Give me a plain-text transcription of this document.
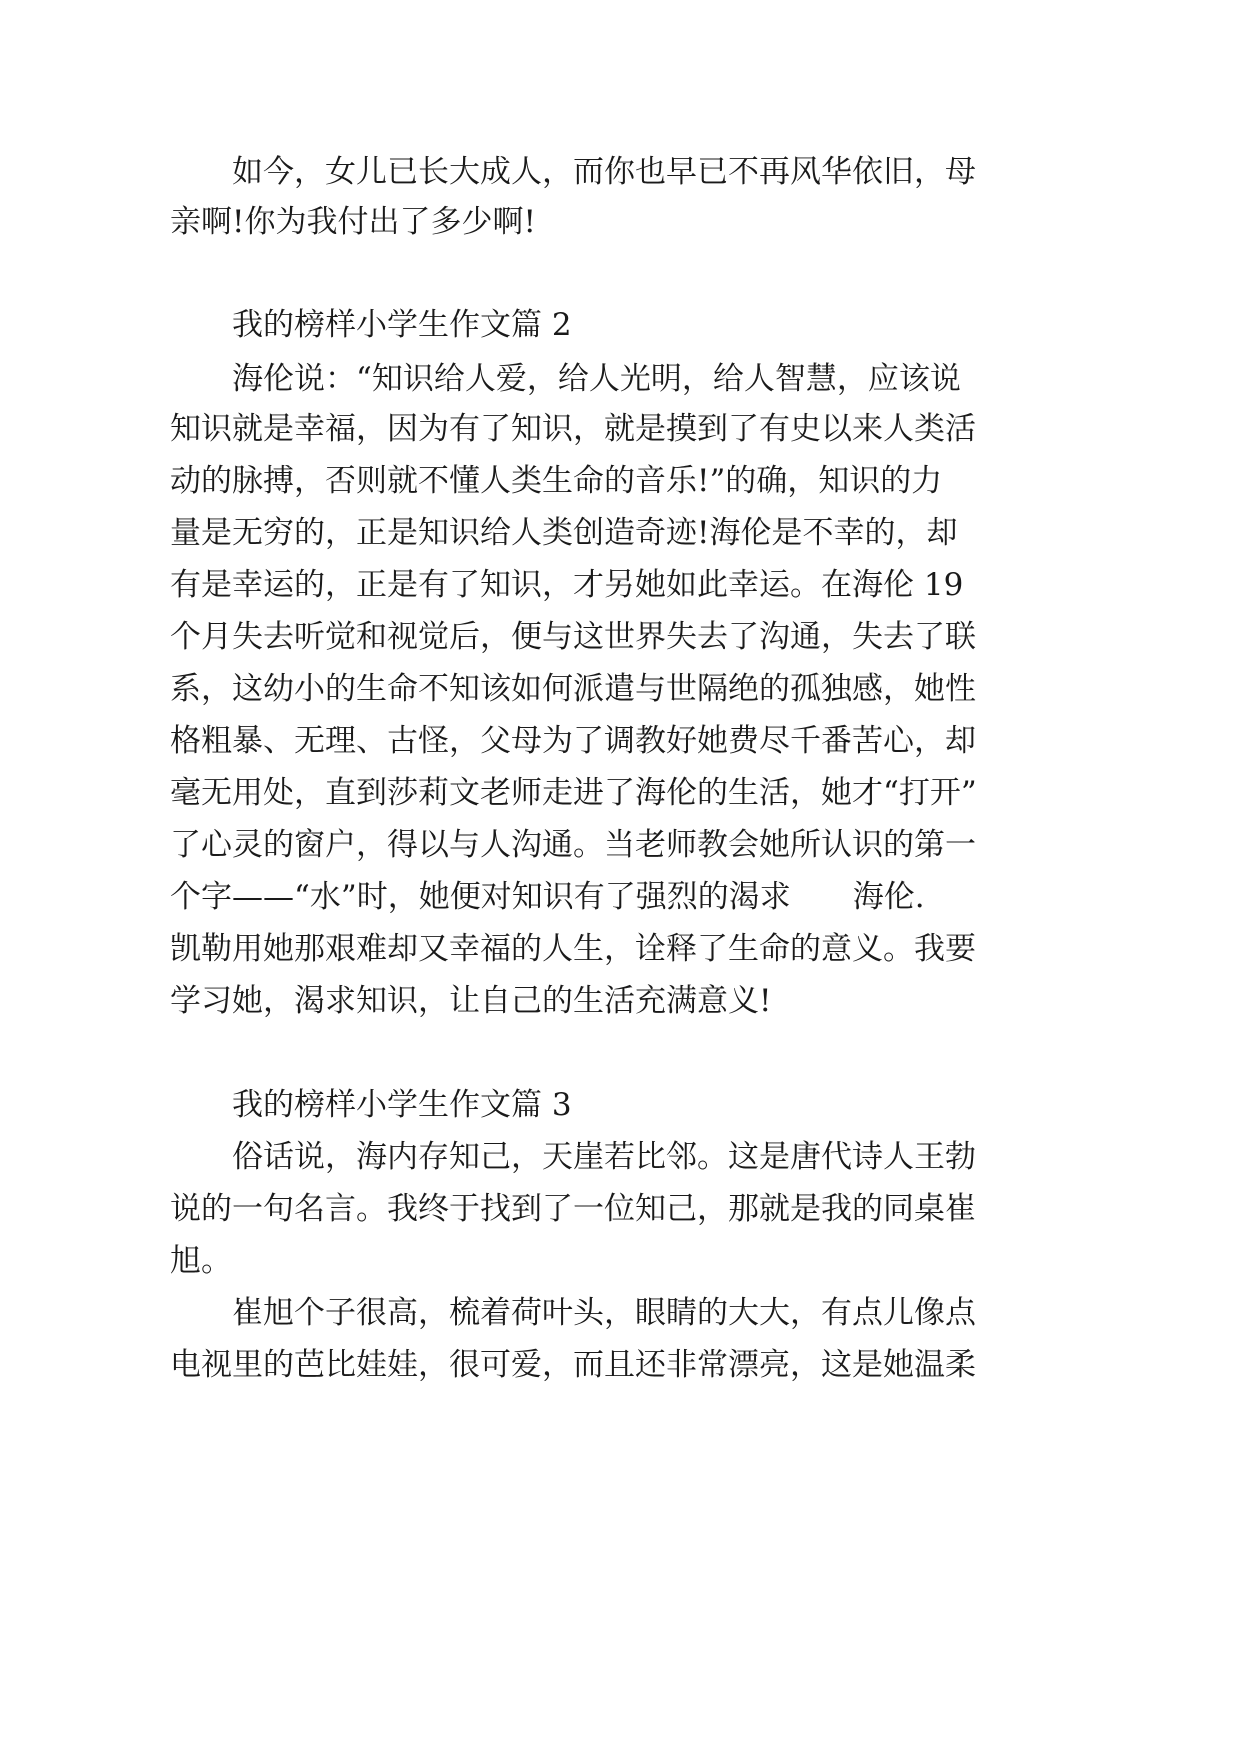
如今，女儿已长大成人，而你也早已不再风华依旧，母
亲啊!你为我付出了多少啊!
我的榜样小学生作文篇 2
海伦说：“知识给人爱，给人光明，给人智慧，应该说
知识就是幸福，因为有了知识，就是摸到了有史以来人类活
动的脉搏，否则就不懂人类生命的音乐!”的确，知识的力
量是无穷的，正是知识给人类创造奇迹!海伦是不幸的，却
有是幸运的，正是有了知识，才另她如此幸运。在海伦 19
个月失去听觉和视觉后，便与这世界失去了沟通，失去了联
系，这幼小的生命不知该如何派遣与世隔绝的孤独感，她性
格粗暴、无理、古怪，父母为了调教好她费尽千番苦心，却
毫无用处，直到莎莉文老师走进了海伦的生活，她才“打开”
了心灵的窗户，得以与人沟通。当老师教会她所认识的第一
个字——“水”时，她便对知识有了强烈的渴求　　海伦.
凯勒用她那艰难却又幸福的人生，诠释了生命的意义。我要
学习她，渴求知识，让自己的生活充满意义!
我的榜样小学生作文篇 3
俗话说，海内存知己，天崖若比邻。这是唐代诗人王勃
说的一句名言。我终于找到了一位知己，那就是我的同桌崔
旭。
崔旭个子很高，梳着荷叶头，眼睛的大大，有点儿像点
电视里的芭比娃娃，很可爱，而且还非常漂亮，这是她温柔
